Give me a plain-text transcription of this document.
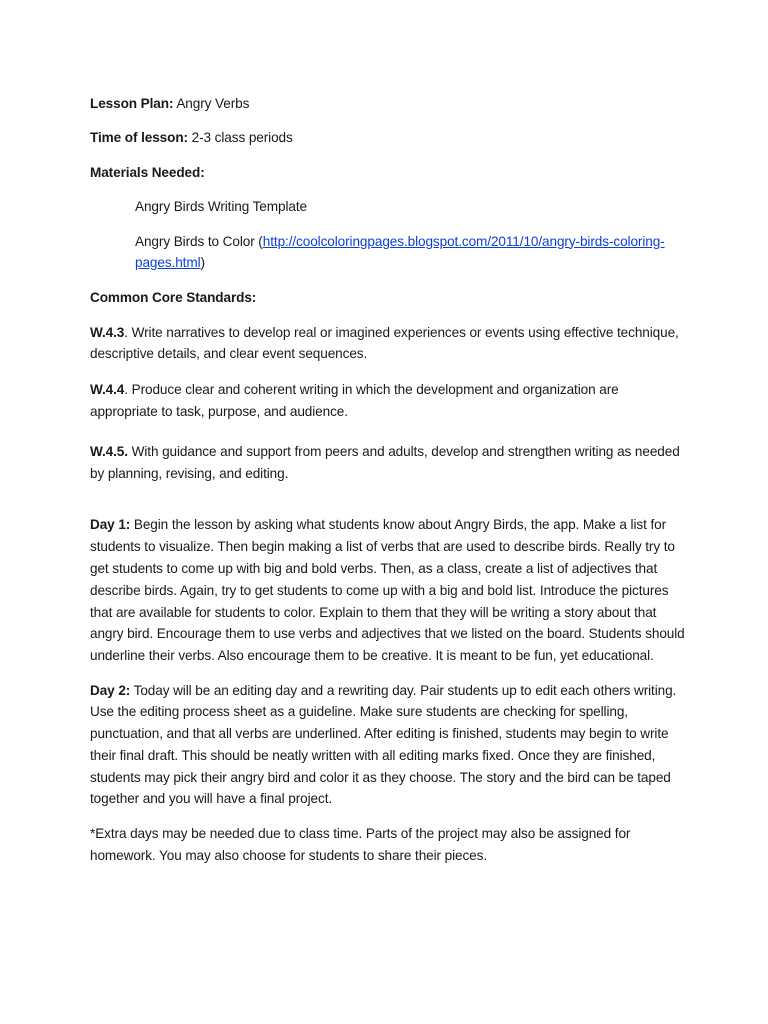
Lesson Plan: Angry Verbs

Time of lesson: 2-3 class periods

Materials Needed:

Angry Birds Writing Template

Angry Birds to Color (http://coolcoloringpages.blogspot.com/2011/10/angry-birds-coloring-pages.html)

Common Core Standards:

W.4.3. Write narratives to develop real or imagined experiences or events using effective technique, descriptive details, and clear event sequences.

W.4.4. Produce clear and coherent writing in which the development and organization are appropriate to task, purpose, and audience.

W.4.5. With guidance and support from peers and adults, develop and strengthen writing as needed by planning, revising, and editing.

Day 1: Begin the lesson by asking what students know about Angry Birds, the app. Make a list for students to visualize. Then begin making a list of verbs that are used to describe birds. Really try to get students to come up with big and bold verbs. Then, as a class, create a list of adjectives that describe birds. Again, try to get students to come up with a big and bold list. Introduce the pictures that are available for students to color. Explain to them that they will be writing a story about that angry bird. Encourage them to use verbs and adjectives that we listed on the board. Students should underline their verbs. Also encourage them to be creative. It is meant to be fun, yet educational.

Day 2: Today will be an editing day and a rewriting day. Pair students up to edit each others writing. Use the editing process sheet as a guideline. Make sure students are checking for spelling, punctuation, and that all verbs are underlined. After editing is finished, students may begin to write their final draft. This should be neatly written with all editing marks fixed. Once they are finished, students may pick their angry bird and color it as they choose. The story and the bird can be taped together and you will have a final project.

*Extra days may be needed due to class time. Parts of the project may also be assigned for homework. You may also choose for students to share their pieces.
